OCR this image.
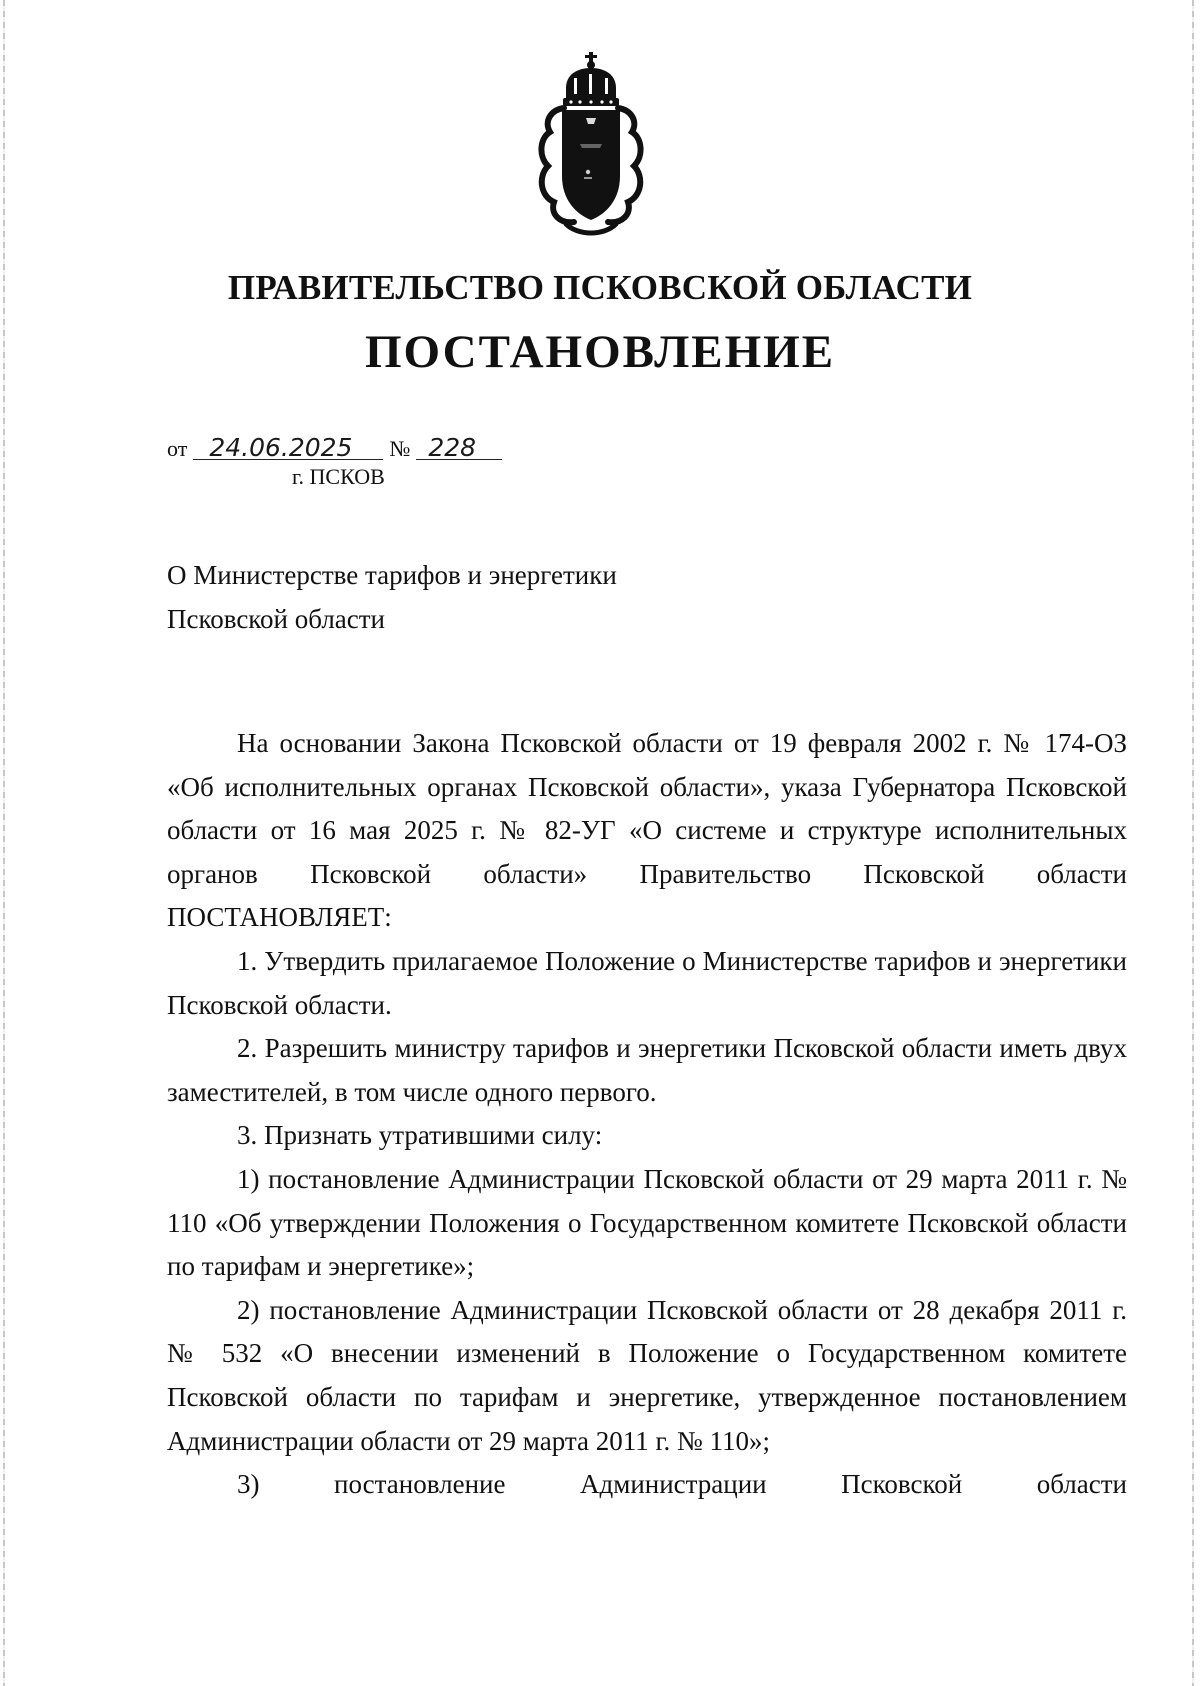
ПРАВИТЕЛЬСТВО ПСКОВСКОЙ ОБЛАСТИ
ПОСТАНОВЛЕНИЕ
от 24.06.2025 № 228
г. ПСКОВ
О Министерстве тарифов и энергетики
Псковской области

На основании Закона Псковской области от 19 февраля 2002 г. № 174-ОЗ «Об исполнительных органах Псковской области», указа Губернатора Псковской области от 16 мая 2025 г. № 82-УГ «О системе и структуре исполнительных органов Псковской области» Правительство Псковской области ПОСТАНОВЛЯЕТ:

1. Утвердить прилагаемое Положение о Министерстве тарифов и энергетики Псковской области.

2. Разрешить министру тарифов и энергетики Псковской области иметь двух заместителей, в том числе одного первого.

3. Признать утратившими силу:

1) постановление Администрации Псковской области от 29 марта 2011 г. № 110 «Об утверждении Положения о Государственном комитете Псковской области по тарифам и энергетике»;

2) постановление Администрации Псковской области от 28 декабря 2011 г. № 532 «О внесении изменений в Положение о Государственном комитете Псковской области по тарифам и энергетике, утвержденное постановлением Администрации области от 29 марта 2011 г. № 110»;

3) постановление Администрации Псковской области
